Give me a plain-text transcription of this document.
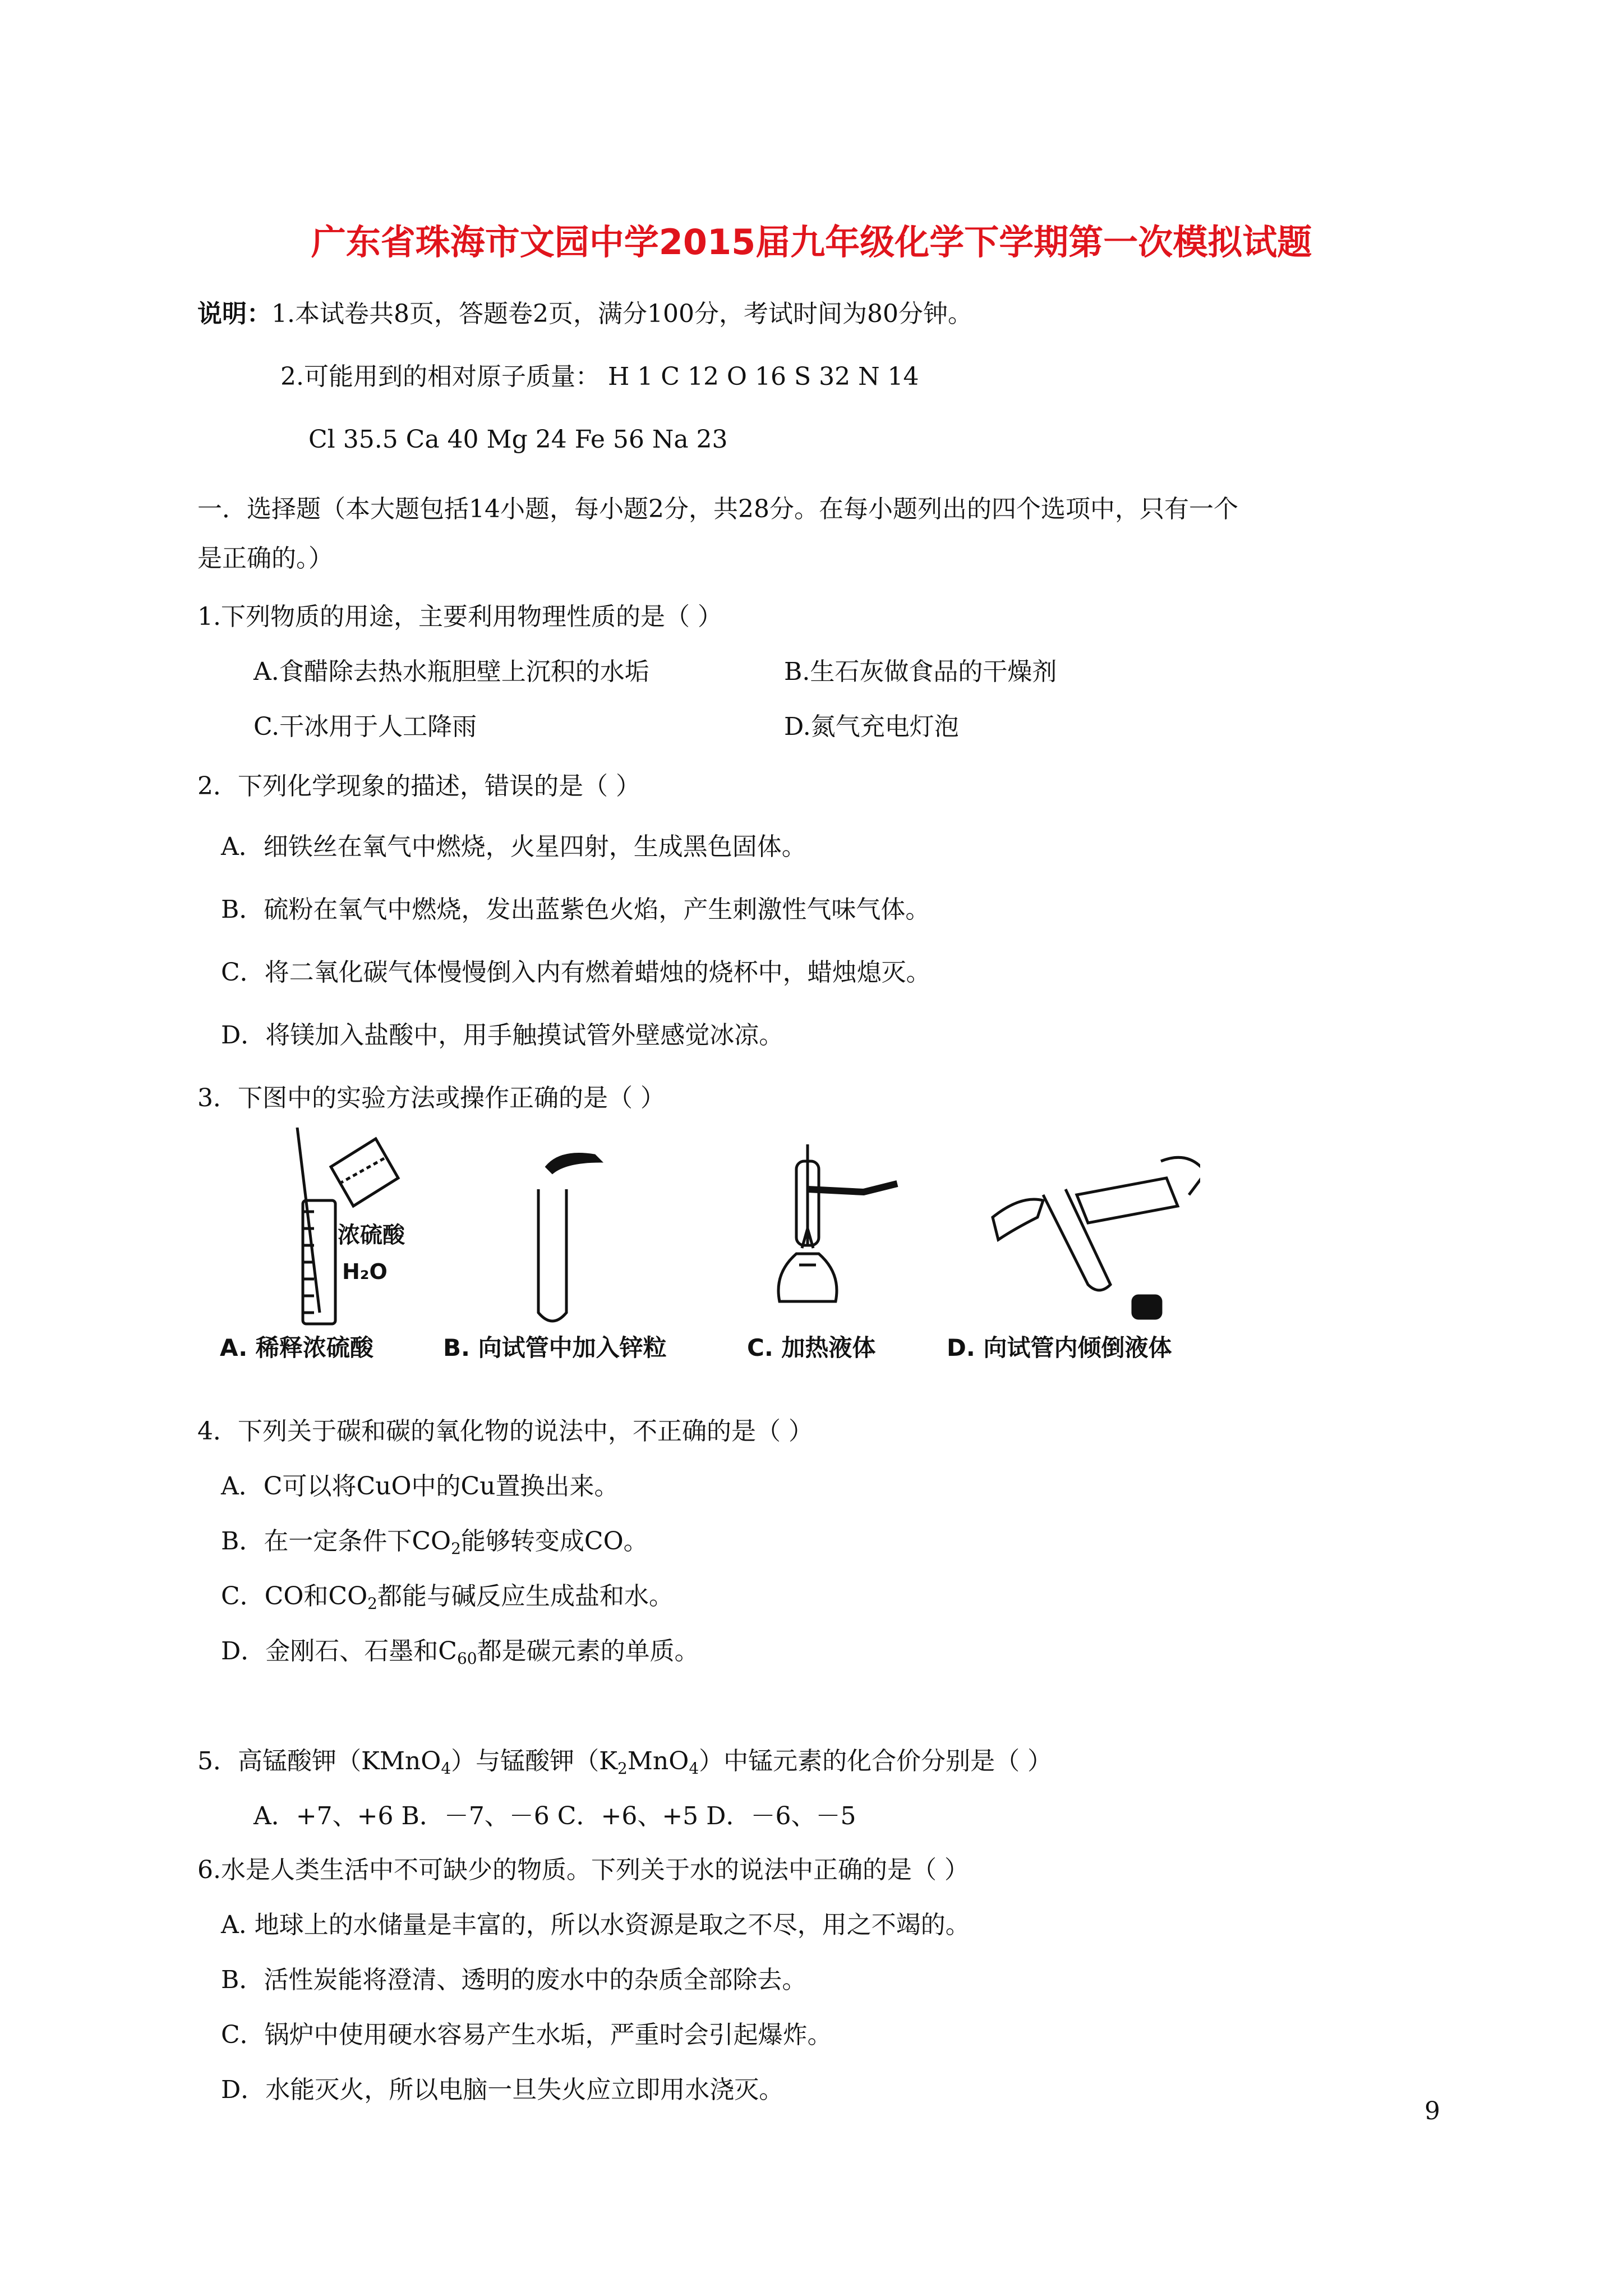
广东省珠海市文园中学2015届九年级化学下学期第一次模拟试题
说明：1.本试卷共8页，答题卷2页，满分100分，考试时间为80分钟。
2.可能用到的相对原子质量： H 1 C 12 O 16 S 32 N 14
Cl 35.5 Ca 40 Mg 24 Fe 56 Na 23
一．选择题（本大题包括14小题，每小题2分，共28分。在每小题列出的四个选项中，只有一个
是正确的。）
1.下列物质的用途，主要利用物理性质的是（ ）
A.食醋除去热水瓶胆壁上沉积的水垢	B.生石灰做食品的干燥剂
C.干冰用于人工降雨	D.氮气充电灯泡
2．下列化学现象的描述，错误的是（ ）
A．细铁丝在氧气中燃烧，火星四射，生成黑色固体。
B．硫粉在氧气中燃烧，发出蓝紫色火焰，产生刺激性气味气体。
C．将二氧化碳气体慢慢倒入内有燃着蜡烛的烧杯中，蜡烛熄灭。
D．将镁加入盐酸中，用手触摸试管外壁感觉冰凉。
3．下图中的实验方法或操作正确的是（ ）
浓硫酸
H₂O
A. 稀释浓硫酸	B. 向试管中加入锌粒	C. 加热液体	D. 向试管内倾倒液体
4．下列关于碳和碳的氧化物的说法中，不正确的是（ ）
A．C可以将CuO中的Cu置换出来。
B．在一定条件下$CO_2$能够转变成CO。
C．CO和$CO_2$都能与碱反应生成盐和水。
D．金刚石、石墨和$C_{60}$都是碳元素的单质。
5．高锰酸钾（KMnO$_4$）与锰酸钾$(K_2MnO_4)$中锰元素的化合价分别是（ ）
A．+7、+6 B．－7、－6 C．+6、+5 D．－6、－5
6.水是人类生活中不可缺少的物质。下列关于水的说法中正确的是（ ）
A. 地球上的水储量是丰富的，所以水资源是取之不尽，用之不竭的。
B．活性炭能将澄清、透明的废水中的杂质全部除去。
C．锅炉中使用硬水容易产生水垢，严重时会引起爆炸。
D．水能灭火，所以电脑一旦失火应立即用水浇灭。
9
